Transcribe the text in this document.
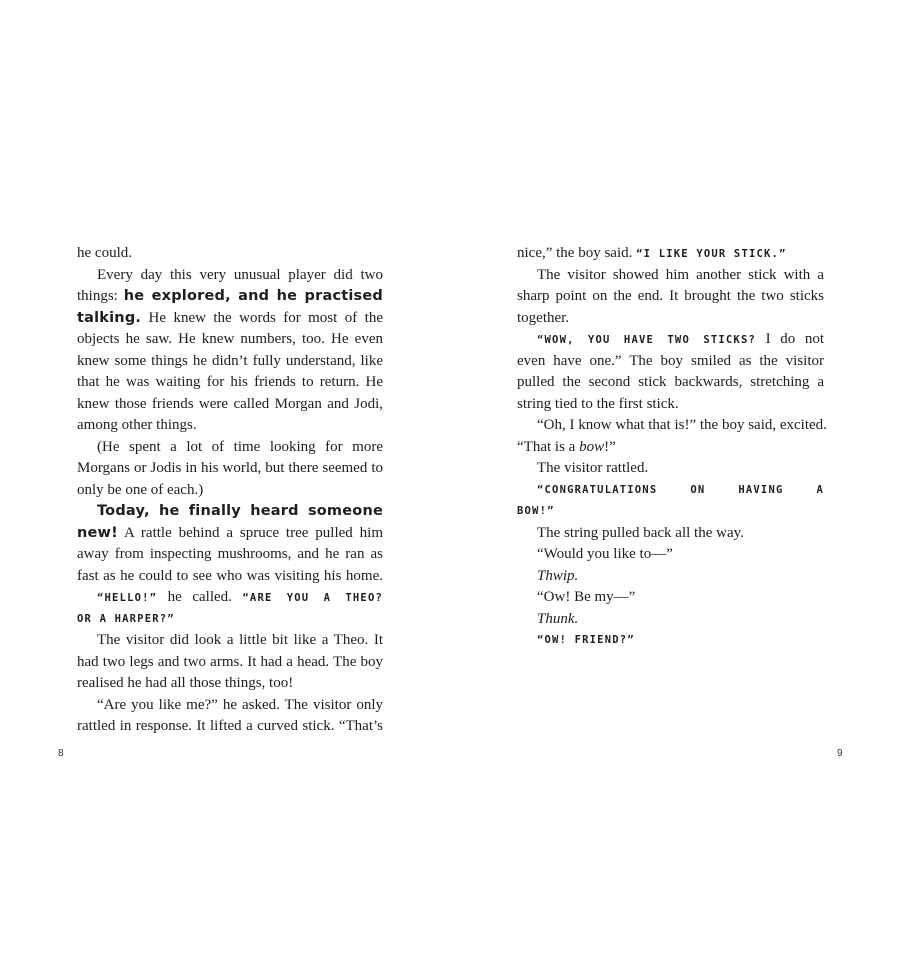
he could.
Every day this very unusual player did two
things: he explored, and he practised
talking. He knew the words for most of the
objects he saw. He knew numbers, too. He even
knew some things he didn’t fully understand, like
that he was waiting for his friends to return. He
knew those friends were called Morgan and Jodi,
among other things.
(He spent a lot of time looking for more
Morgans or Jodis in his world, but there seemed to
only be one of each.)
Today, he finally heard someone
new! A rattle behind a spruce tree pulled him
away from inspecting mushrooms, and he ran as
fast as he could to see who was visiting his home.
“HELLO!” he called. “ARE YOU A THEO?
OR A HARPER?”
The visitor did look a little bit like a Theo. It
had two legs and two arms. It had a head. The boy
realised he had all those things, too!
“Are you like me?” he asked. The visitor only
rattled in response. It lifted a curved stick. “That’s
nice,” the boy said. “I LIKE YOUR STICK.”
The visitor showed him another stick with a
sharp point on the end. It brought the two sticks
together.
“WOW, YOU HAVE TWO STICKS? I do not
even have one.” The boy smiled as the visitor
pulled the second stick backwards, stretching a
string tied to the first stick.
“Oh, I know what that is!” the boy said, excited.
“That is a bow!”
The visitor rattled.
“CONGRATULATIONS ON HAVING A
BOW!”
The string pulled back all the way.
“Would you like to—”
Thwip.
“Ow! Be my—”
Thunk.
“OW! FRIEND?”
8	9
